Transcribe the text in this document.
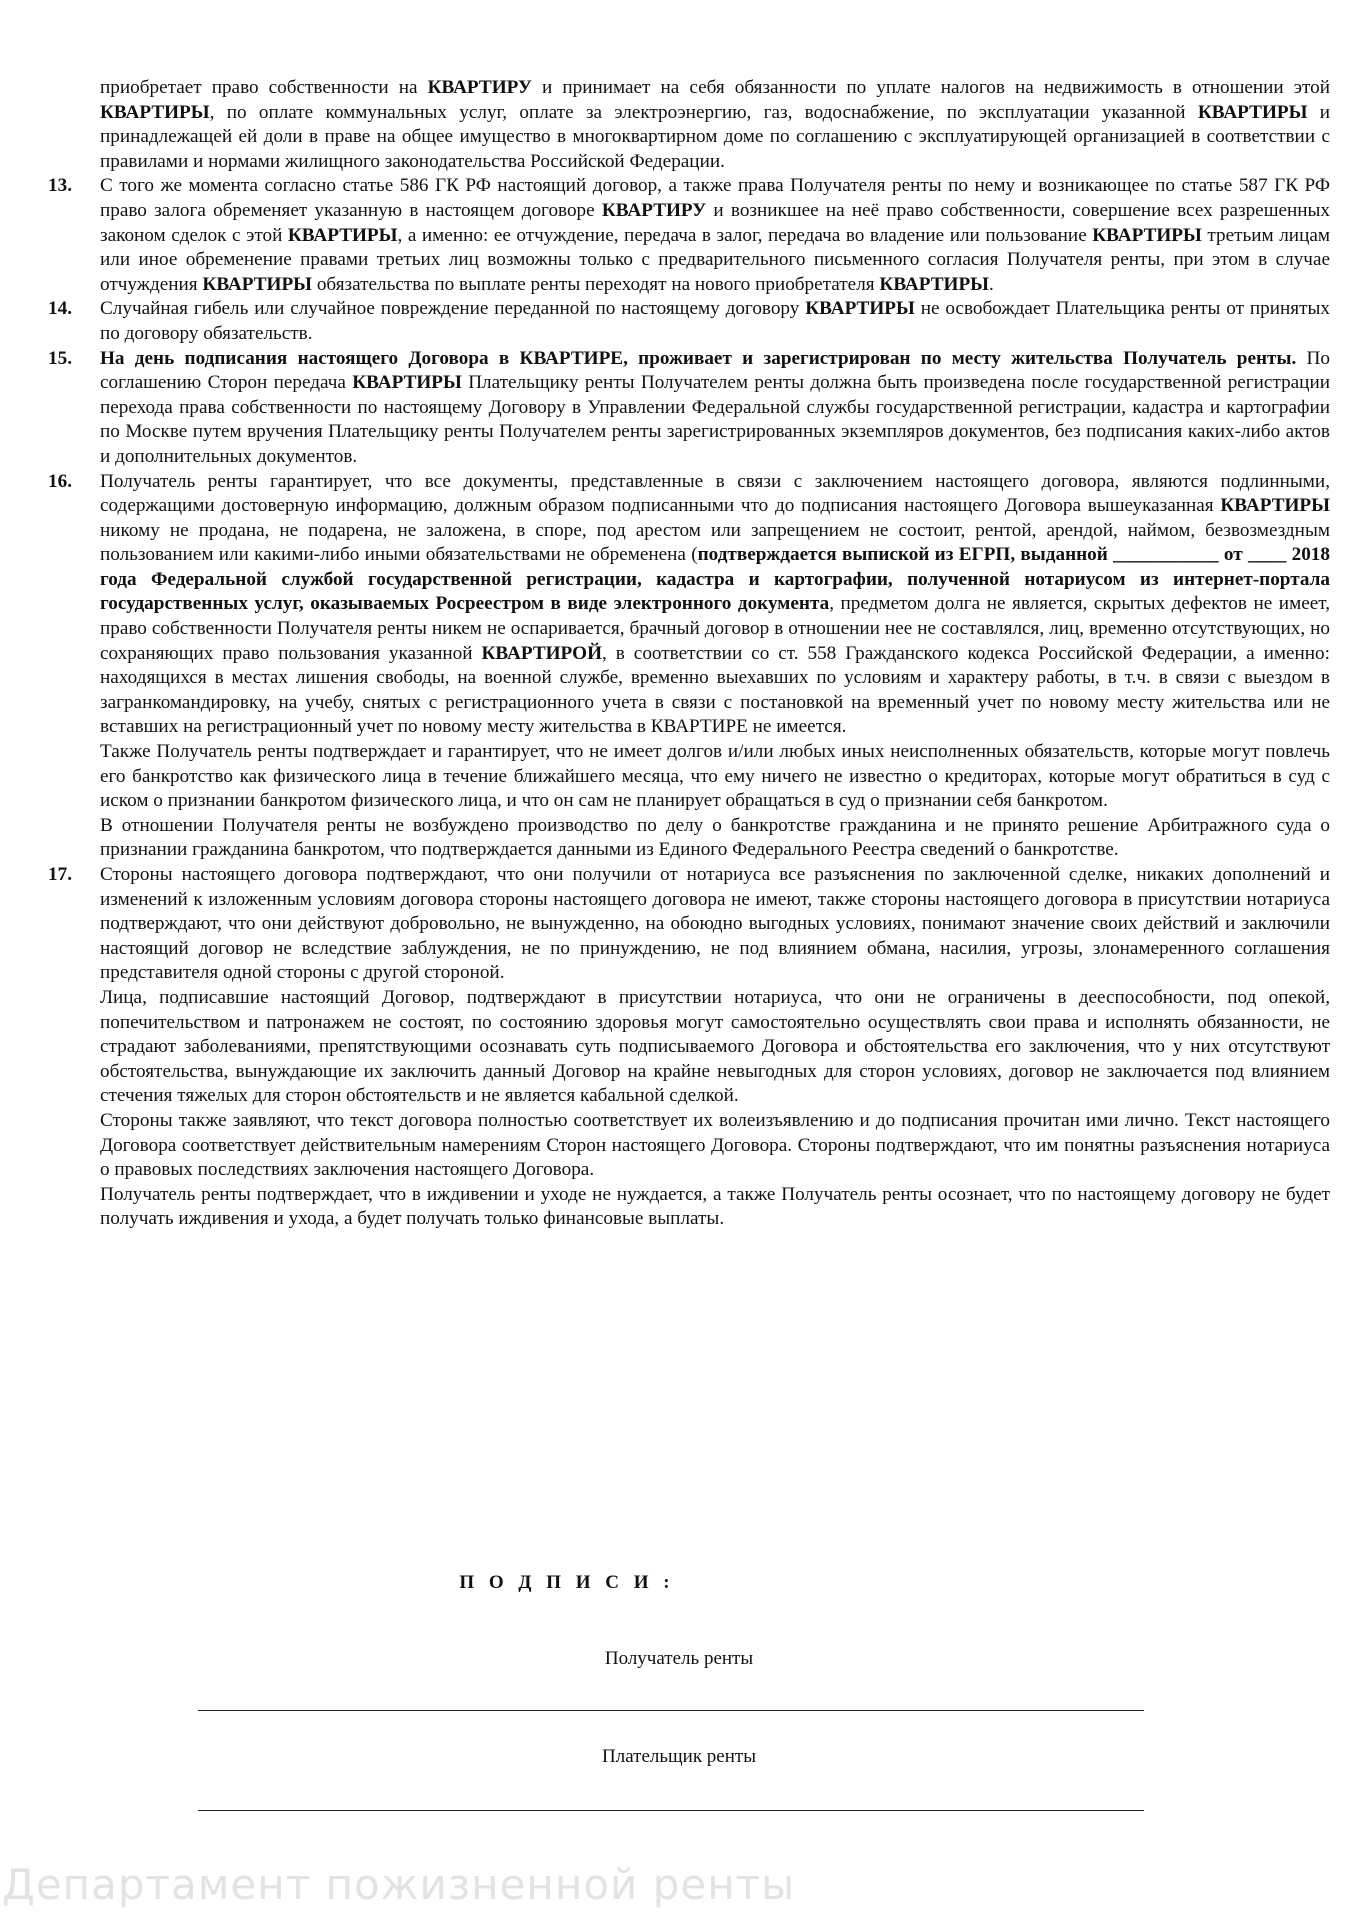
приобретает право собственности на КВАРТИРУ и принимает на себя обязанности по уплате налогов на недвижимость в отношении этой КВАРТИРЫ, по оплате коммунальных услуг, оплате за электроэнергию, газ, водоснабжение, по эксплуатации указанной КВАРТИРЫ и принадлежащей ей доли в праве на общее имущество в многоквартирном доме по соглашению с эксплуатирующей организацией в соответствии с правилами и нормами жилищного законодательства Российской Федерации.

13. С того же момента согласно статье 586 ГК РФ настоящий договор, а также права Получателя ренты по нему и возникающее по статье 587 ГК РФ право залога обременяет указанную в настоящем договоре КВАРТИРУ и возникшее на неё право собственности, совершение всех разрешенных законом сделок с этой КВАРТИРЫ, а именно: ее отчуждение, передача в залог, передача во владение или пользование КВАРТИРЫ третьим лицам или иное обременение правами третьих лиц возможны только с предварительного письменного согласия Получателя ренты, при этом в случае отчуждения КВАРТИРЫ обязательства по выплате ренты переходят на нового приобретателя КВАРТИРЫ.

14. Случайная гибель или случайное повреждение переданной по настоящему договору КВАРТИРЫ не освобождает Плательщика ренты от принятых по договору обязательств.

15. На день подписания настоящего Договора в КВАРТИРЕ, проживает и зарегистрирован по месту жительства Получатель ренты. По соглашению Сторон передача КВАРТИРЫ Плательщику ренты Получателем ренты должна быть произведена после государственной регистрации перехода права собственности по настоящему Договору в Управлении Федеральной службы государственной регистрации, кадастра и картографии по Москве путем вручения Плательщику ренты Получателем ренты зарегистрированных экземпляров документов, без подписания каких-либо актов и дополнительных документов.

16. Получатель ренты гарантирует, что все документы, представленные в связи с заключением настоящего договора, являются подлинными, содержащими достоверную информацию, должным образом подписанными что до подписания настоящего Договора вышеуказанная КВАРТИРЫ никому не продана, не подарена, не заложена, в споре, под арестом или запрещением не состоит, рентой, арендой, наймом, безвозмездным пользованием или какими-либо иными обязательствами не обременена (подтверждается выпиской из ЕГРП, выданной ___________ от ____ 2018 года Федеральной службой государственной регистрации, кадастра и картографии, полученной нотариусом из интернет-портала государственных услуг, оказываемых Росреестром в виде электронного документа, предметом долга не является, скрытых дефектов не имеет, право собственности Получателя ренты никем не оспаривается, брачный договор в отношении нее не составлялся, лиц, временно отсутствующих, но сохраняющих право пользования указанной КВАРТИРОЙ, в соответствии со ст. 558 Гражданского кодекса Российской Федерации, а именно: находящихся в местах лишения свободы, на военной службе, временно выехавших по условиям и характеру работы, в т.ч. в связи с выездом в загранкомандировку, на учебу, снятых с регистрационного учета в связи с постановкой на временный учет по новому месту жительства или не вставших на регистрационный учет по новому месту жительства в КВАРТИРЕ не имеется.

Также Получатель ренты подтверждает и гарантирует, что не имеет долгов и/или любых иных неисполненных обязательств, которые могут повлечь его банкротство как физического лица в течение ближайшего месяца, что ему ничего не известно о кредиторах, которые могут обратиться в суд с иском о признании банкротом физического лица, и что он сам не планирует обращаться в суд о признании себя банкротом.

В отношении Получателя ренты не возбуждено производство по делу о банкротстве гражданина и не принято решение Арбитражного суда о признании гражданина банкротом, что подтверждается данными из Единого Федерального Реестра сведений о банкротстве.

17. Стороны настоящего договора подтверждают, что они получили от нотариуса все разъяснения по заключенной сделке, никаких дополнений и изменений к изложенным условиям договора стороны настоящего договора не имеют, также стороны настоящего договора в присутствии нотариуса подтверждают, что они действуют добровольно, не вынужденно, на обоюдно выгодных условиях, понимают значение своих действий и заключили настоящий договор не вследствие заблуждения, не по принуждению, не под влиянием обмана, насилия, угрозы, злонамеренного соглашения представителя одной стороны с другой стороной.

Лица, подписавшие настоящий Договор, подтверждают в присутствии нотариуса, что они не ограничены в дееспособности, под опекой, попечительством и патронажем не состоят, по состоянию здоровья могут самостоятельно осуществлять свои права и исполнять обязанности, не страдают заболеваниями, препятствующими осознавать суть подписываемого Договора и обстоятельства его заключения, что у них отсутствуют обстоятельства, вынуждающие их заключить данный Договор на крайне невыгодных для сторон условиях, договор не заключается под влиянием стечения тяжелых для сторон обстоятельств и не является кабальной сделкой.

Стороны также заявляют, что текст договора полностью соответствует их волеизъявлению и до подписания прочитан ими лично. Текст настоящего Договора соответствует действительным намерениям Сторон настоящего Договора. Стороны подтверждают, что им понятны разъяснения нотариуса о правовых последствиях заключения настоящего Договора.

Получатель ренты подтверждает, что в иждивении и уходе не нуждается, а также Получатель ренты осознает, что по настоящему договору не будет получать иждивения и ухода, а будет получать только финансовые выплаты.

П О Д П И С И :
Получатель ренты
Плательщик ренты
Департамент пожизненной ренты
